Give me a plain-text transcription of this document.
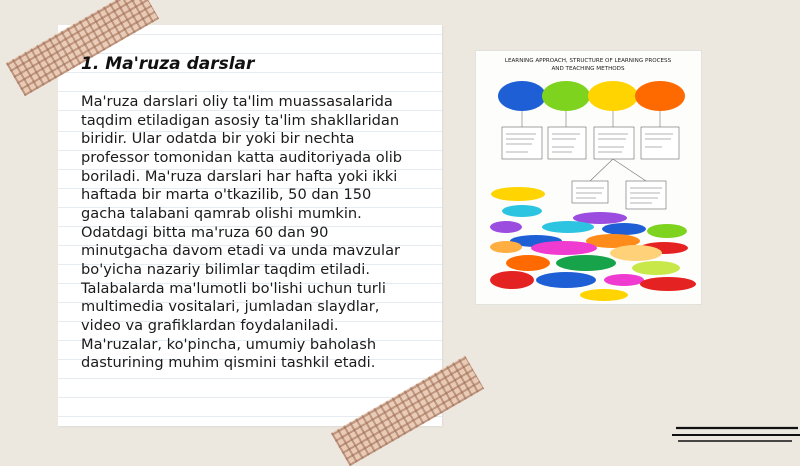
1. Ma'ruza darslar

Ma'ruza darslari oliy ta'lim muassasalarida taqdim etiladigan asosiy ta'lim shakllaridan biridir. Ular odatda bir yoki bir nechta professor tomonidan katta auditoriyada olib boriladi. Ma'ruza darslari har hafta yoki ikki haftada bir marta o'tkazilib, 50 dan 150 gacha talabani qamrab olishi mumkin. Odatdagi bitta ma'ruza 60 dan 90 minutgacha davom etadi va unda mavzular bo'yicha nazariy bilimlar taqdim etiladi. Talabalarda ma'lumotli bo'lishi uchun turli multimedia vositalari, jumladan slaydlar, video va grafiklardan foydalaniladi. Ma'ruzalar, ko'pincha, umumiy baholash dasturining muhim qismini tashkil etadi.

LEARNING APPROACH, STRUCTURE OF LEARNING PROCESS
AND TEACHING METHODS
